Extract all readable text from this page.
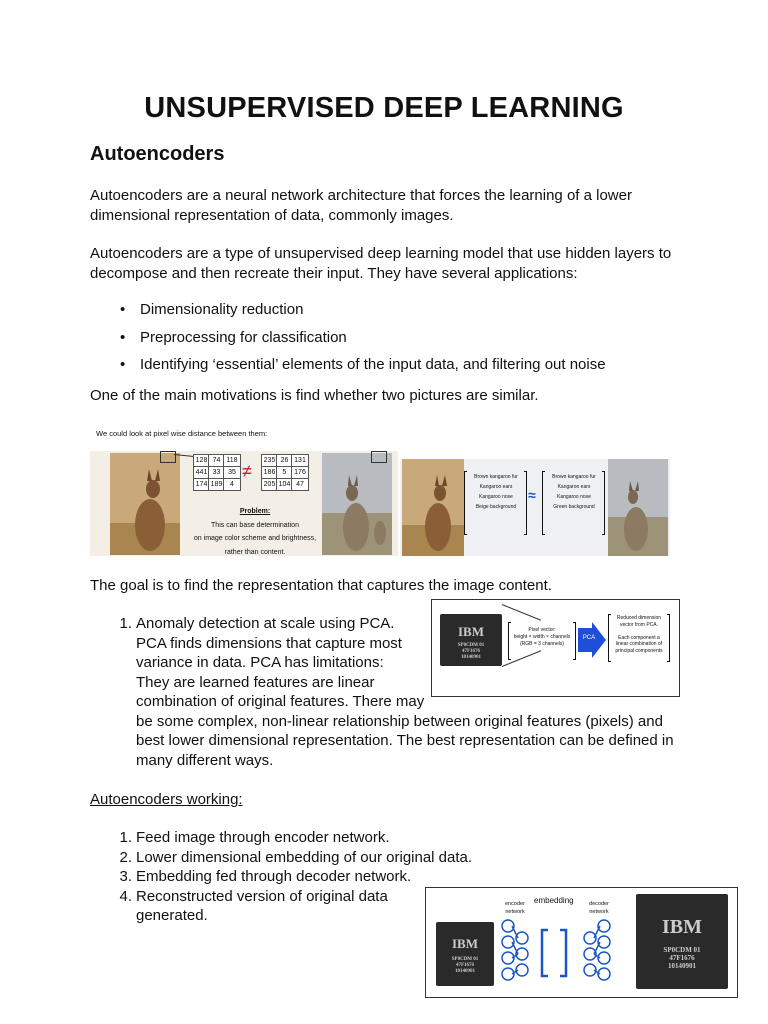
UNSUPERVISED DEEP LEARNING
Autoencoders

Autoencoders are a neural network architecture that forces the learning of a lower
dimensional representation of data, commonly images.

Autoencoders are a type of unsupervised deep learning model that use hidden layers to
decompose and then recreate their input. They have several applications:

• Dimensionality reduction
• Preprocessing for classification
• Identifying ‘essential’ elements of the input data, and filtering out noise
One of the main motivations is find whether two pictures are similar.
We could look at pixel wise distance between them:
128 74 118
441 33	35
174 189	4
≠
235 26 131
186	5	176
205 104 47
Problem:
This can base determination
on image color scheme and brightness,
rather than content.
Brown kangaroo fur
Kangaroo ears
Kangaroo nose
Beige background
≈
Brown kangaroo fur
Kangaroo ears
Kangaroo nose
Green background
The goal is to find the representation that captures the image content.
1. Anomaly detection at scale using PCA.
PCA finds dimensions that capture most
variance in data. PCA has limitations:
They are learned features are linear
combination of original features. There may
be some complex, non-linear relationship between original features (pixels) and
best lower dimensional representation. The best representation can be defined in
many different ways.
IBM
SP0CDM 01
47F1676
10140901
Pixel vector:
height × width × channels
(RGB = 3 channels)
PCA
Reduced dimension
vector from PCA.
Each component a
linear combination of
principal components
Autoencoders working:
1. Feed image through encoder network.
2. Lower dimensional embedding of our original data.
3. Embedding fed through decoder network.
4. Reconstructed version of original data
generated.
IBM
SP0CDM 01
47F1676
10140901
encoder
network
embedding	decoder
network
IBM
SP0CDM 01
47F1676
10140901
